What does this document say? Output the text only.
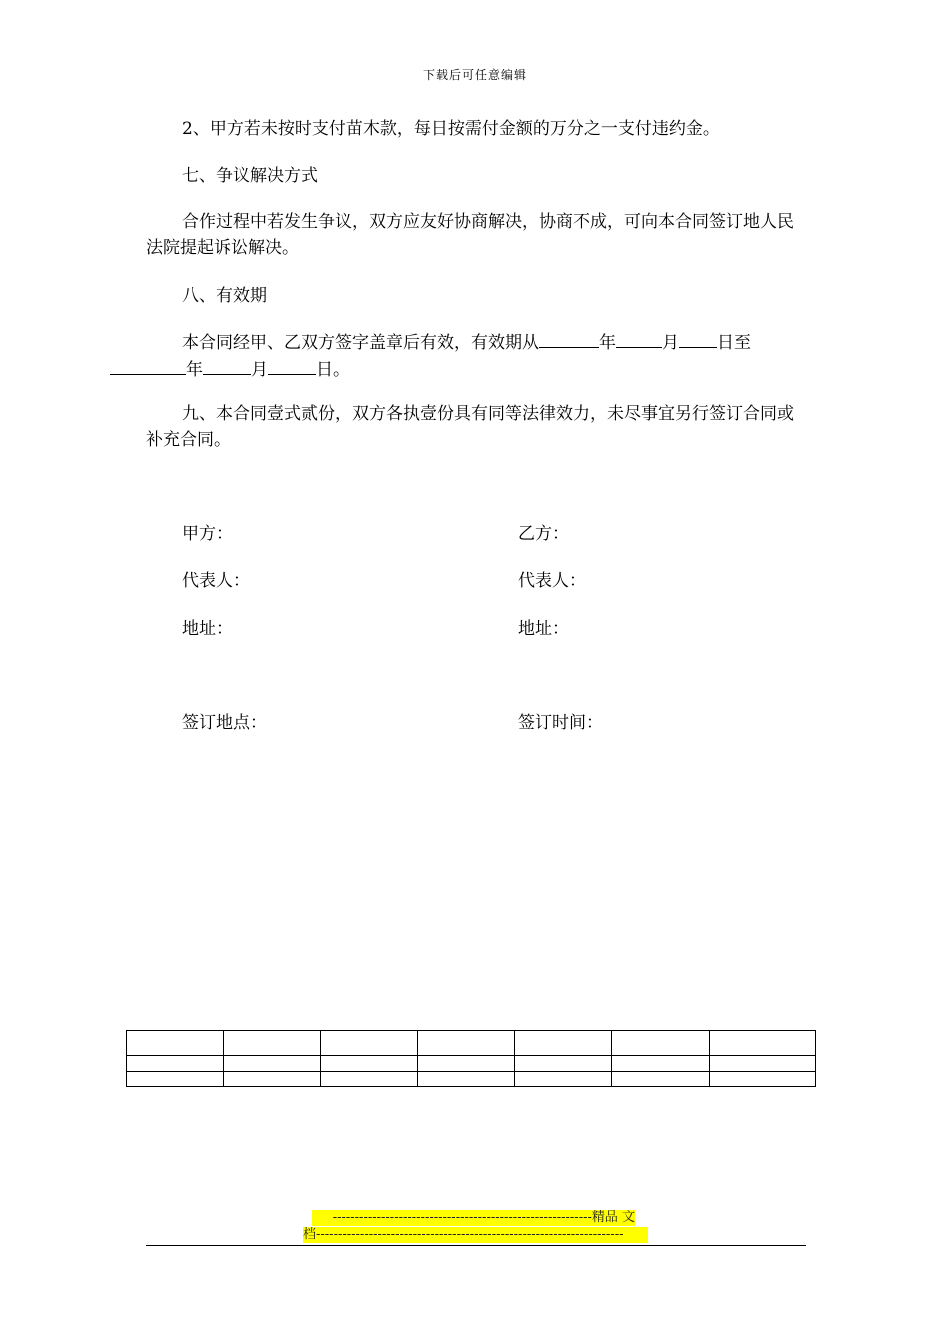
下载后可任意编辑
2、甲方若未按时支付苗木款，每日按需付金额的万分之一支付违约金。
七、争议解决方式
合作过程中若发生争议，双方应友好协商解决，协商不成，可向本合同签订地人民法院提起诉讼解决。
八、有效期
本合同经甲、乙双方签字盖章后有效，有效期从	年	月 日至
年	月	日。
九、本合同壹式贰份，双方各执壹份具有同等法律效力，未尽事宜另行签订合同或补充合同。
甲方：	乙方：
代表人：	代表人：
地址：	地址：
签订地点：	签订时间：

-----------------------------------------------------------精品 文
档----------------------------------------------------------------------
